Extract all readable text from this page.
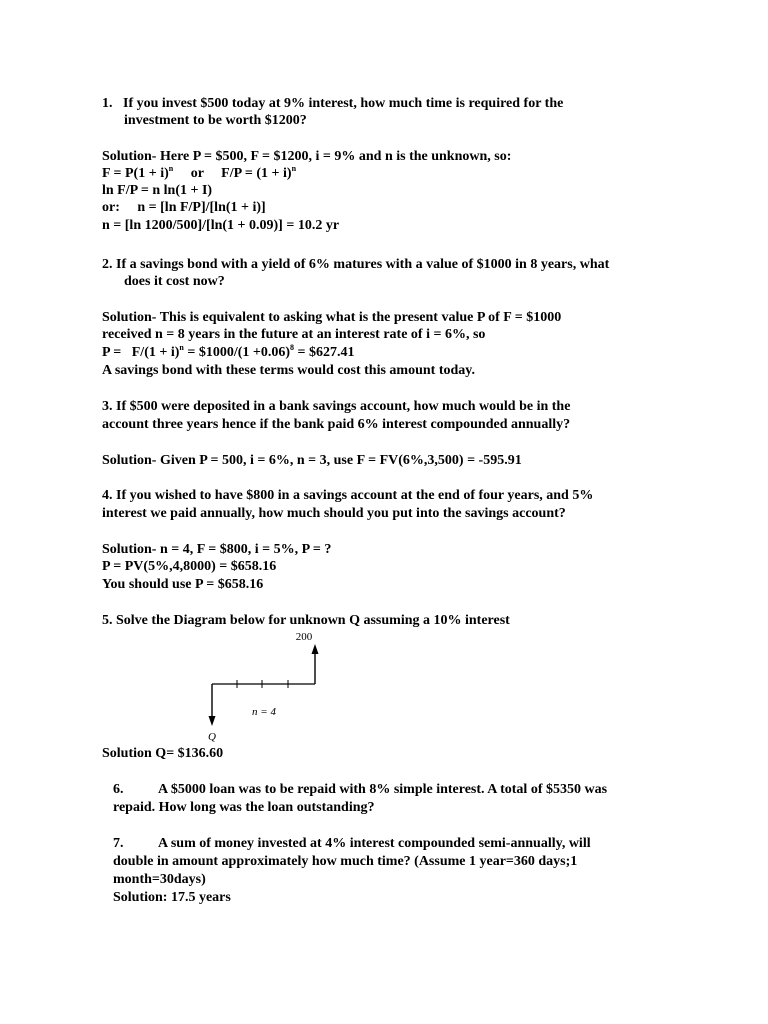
1. If you invest $500 today at 9% interest, how much time is required for the
investment to be worth $1200?
Solution- Here P = $500, F = $1200, i = 9% and n is the unknown, so:
$F = P(1 + i)^n$     or     $F/P = (1 + i)^n$
ln F/P = n ln(1 + I)
or:     n = [ln F/P]/[ln(1 + i)]
n = [ln 1200/500]/[ln(1 + 0.09)] = 10.2 yr
2. If a savings bond with a yield of 6% matures with a value of $1000 in 8 years, what
does it cost now?
Solution- This is equivalent to asking what is the present value P of F = $1000
received n = 8 years in the future at an interest rate of i = 6%, so
$P = F/(1 + i)^n$ = $1000/(1 +0.06)$^8$ = $627.41
A savings bond with these terms would cost this amount today.
3. If $500 were deposited in a bank savings account, how much would be in the
account three years hence if the bank paid 6% interest compounded annually?
Solution- Given P = 500, i = 6%, n = 3, use F = FV(6%,3,500) = -595.91
4. If you wished to have $800 in a savings account at the end of four years, and 5%
interest we paid annually, how much should you put into the savings account?
Solution- n = 4, F = $800, i = 5%, P = ?
P = PV(5%,4,8000) = $658.16
You should use P = $658.16
5. Solve the Diagram below for unknown Q assuming a 10% interest
200
n = 4
Q
Solution Q= $136.60
6. A $5000 loan was to be repaid with 8% simple interest. A total of $5350 was
repaid. How long was the loan outstanding?
7. A sum of money invested at 4% interest compounded semi-annually, will
double in amount approximately how much time? (Assume 1 year=360 days;1
month=30days)
Solution: 17.5 years
